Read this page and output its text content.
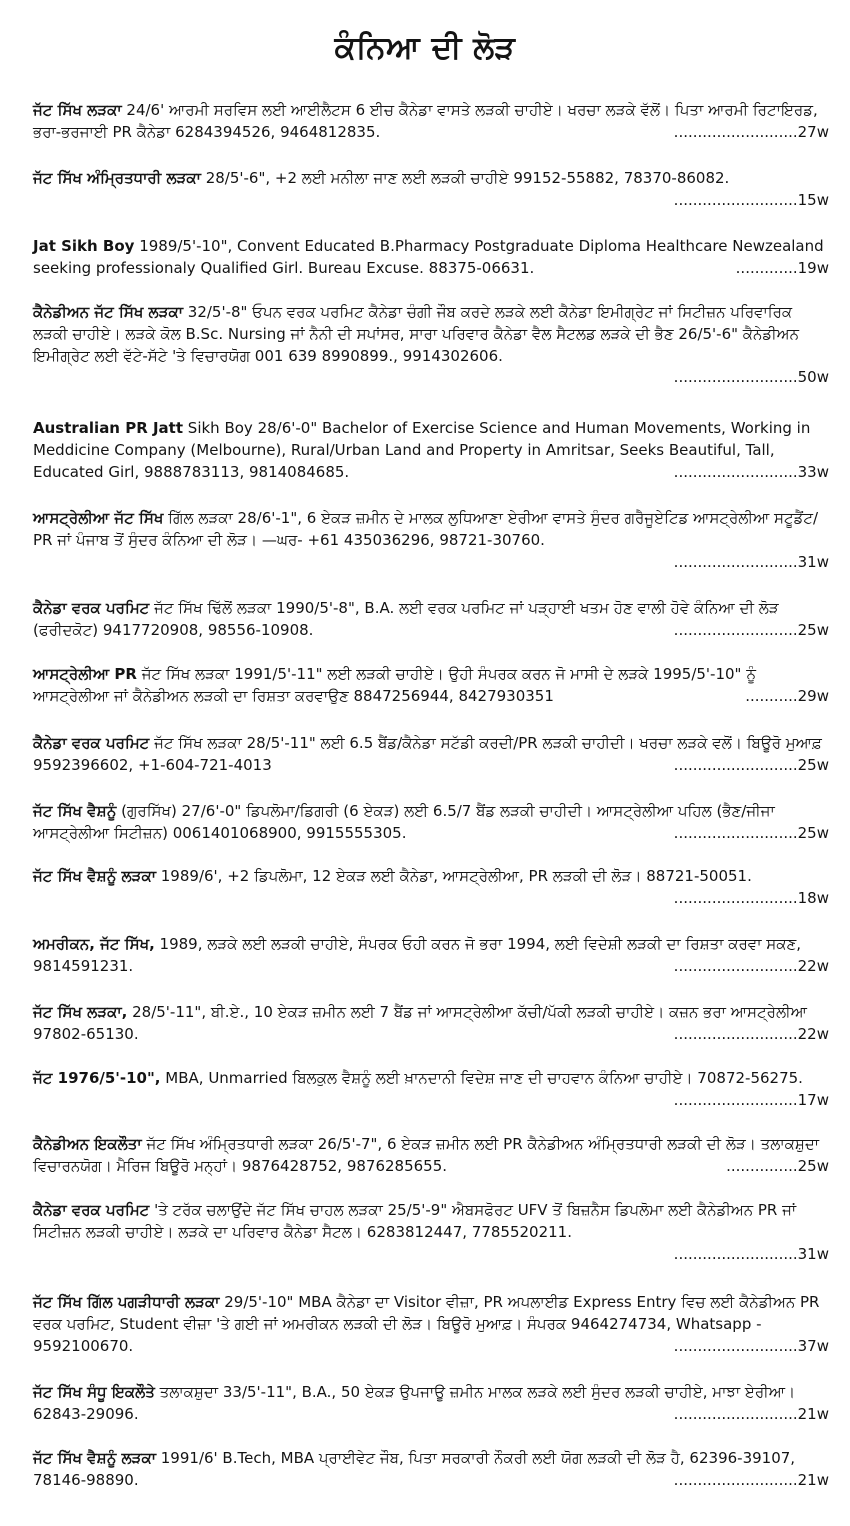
ਕੰਨਿਆ ਦੀ ਲੋੜ

ਜੱਟ ਸਿੱਖ ਲੜਕਾ 24/6' ਆਰਮੀ ਸਰਵਿਸ ਲਈ ਆਈਲੈਟਸ 6 ਈਚ ਕੈਨੇਡਾ ਵਾਸਤੇ ਲੜਕੀ ਚਾਹੀਏ। ਖਰਚਾ ਲੜਕੇ ਵੱਲੋਂ। ਪਿਤਾ ਆਰਮੀ ਰਿਟਾਇਰਡ, ਭਰਾ-ਭਰਜਾਈ PR ਕੈਨੇਡਾ 6284394526, 9464812835.	..........................27w

ਜੱਟ ਸਿੱਖ ਅੰਮ੍ਰਿਤਧਾਰੀ ਲੜਕਾ 28/5'-6", +2 ਲਈ ਮਨੀਲਾ ਜਾਣ ਲਈ ਲੜਕੀ ਚਾਹੀਏ 99152-55882, 78370-86082.
..........................15w

Jat Sikh Boy 1989/5'-10", Convent Educated B.Pharmacy Postgraduate Diploma Healthcare Newzealand seeking professionaly Qualified Girl. Bureau Excuse. 88375-06631.	.............19w

ਕੈਨੇਡੀਅਨ ਜੱਟ ਸਿੱਖ ਲੜਕਾ 32/5'-8" ਓਪਨ ਵਰਕ ਪਰਮਿਟ ਕੈਨੇਡਾ ਚੰਗੀ ਜੌਬ ਕਰਦੇ ਲੜਕੇ ਲਈ ਕੈਨੇਡਾ ਇਮੀਗ੍ਰੇਟ ਜਾਂ ਸਿਟੀਜ਼ਨ ਪਰਿਵਾਰਿਕ ਲੜਕੀ ਚਾਹੀਏ। ਲੜਕੇ ਕੋਲ B.Sc. Nursing ਜਾਂ ਨੈਨੀ ਦੀ ਸਪਾਂਸਰ, ਸਾਰਾ ਪਰਿਵਾਰ ਕੈਨੇਡਾ ਵੈਲ ਸੈਟਲਡ ਲੜਕੇ ਦੀ ਭੈਣ 26/5'-6" ਕੈਨੇਡੀਅਨ ਇਮੀਗ੍ਰੇਟ ਲਈ ਵੱਟੇ-ਸੱਟੇ 'ਤੇ ਵਿਚਾਰਯੋਗ 001 639 8990899., 9914302606.
..........................50w

Australian PR Jatt Sikh Boy 28/6'-0" Bachelor of Exercise Science and Human Movements, Working in Meddicine Company (Melbourne), Rural/Urban Land and Property in Amritsar, Seeks Beautiful, Tall, Educated Girl, 9888783113, 9814084685.	..........................33w

ਆਸਟ੍ਰੇਲੀਆ ਜੱਟ ਸਿੱਖ ਗਿੱਲ ਲੜਕਾ 28/6'-1", 6 ਏਕੜ ਜ਼ਮੀਨ ਦੇ ਮਾਲਕ ਲੁਧਿਆਣਾ ਏਰੀਆ ਵਾਸਤੇ ਸੁੰਦਰ ਗਰੈਜੂਏਟਿਡ ਆਸਟ੍ਰੇਲੀਆ ਸਟੂਡੈਂਟ/ PR ਜਾਂ ਪੰਜਾਬ ਤੋਂ ਸੁੰਦਰ ਕੰਨਿਆ ਦੀ ਲੋੜ। —ਘਰ- +61 435036296, 98721-30760.
..........................31w

ਕੈਨੇਡਾ ਵਰਕ ਪਰਮਿਟ ਜੱਟ ਸਿੱਖ ਢਿੱਲੋਂ ਲੜਕਾ 1990/5'-8", B.A. ਲਈ ਵਰਕ ਪਰਮਿਟ ਜਾਂ ਪੜ੍ਹਾਈ ਖਤਮ ਹੋਣ ਵਾਲੀ ਹੋਵੇ ਕੰਨਿਆ ਦੀ ਲੋੜ (ਫਰੀਦਕੋਟ) 9417720908, 98556-10908.	..........................25w

ਆਸਟ੍ਰੇਲੀਆ PR ਜੱਟ ਸਿੱਖ ਲੜਕਾ 1991/5'-11" ਲਈ ਲੜਕੀ ਚਾਹੀਏ। ਉਹੀ ਸੰਪਰਕ ਕਰਨ ਜੋ ਮਾਸੀ ਦੇ ਲੜਕੇ 1995/5'-10" ਨੂੰ ਆਸਟ੍ਰੇਲੀਆ ਜਾਂ ਕੈਨੇਡੀਅਨ ਲੜਕੀ ਦਾ ਰਿਸ਼ਤਾ ਕਰਵਾਉਣ 8847256944, 8427930351	...........29w

ਕੈਨੇਡਾ ਵਰਕ ਪਰਮਿਟ ਜੱਟ ਸਿੱਖ ਲੜਕਾ 28/5'-11" ਲਈ 6.5 ਬੈਂਡ/ਕੈਨੇਡਾ ਸਟੱਡੀ ਕਰਦੀ/PR ਲੜਕੀ ਚਾਹੀਦੀ। ਖਰਚਾ ਲੜਕੇ ਵਲੋਂ। ਬਿਊਰੋ ਮੁਆਫ਼ 9592396602, +1-604-721-4013	..........................25w

ਜੱਟ ਸਿੱਖ ਵੈਸ਼ਨੂੰ (ਗੁਰਸਿੱਖ) 27/6'-0" ਡਿਪਲੋਮਾ/ਡਿਗਰੀ (6 ਏਕੜ) ਲਈ 6.5/7 ਬੈਂਡ ਲੜਕੀ ਚਾਹੀਦੀ। ਆਸਟ੍ਰੇਲੀਆ ਪਹਿਲ (ਭੈਣ/ਜੀਜਾ ਆਸਟ੍ਰੇਲੀਆ ਸਿਟੀਜ਼ਨ) 0061401068900, 9915555305.	..........................25w

ਜੱਟ ਸਿੱਖ ਵੈਸ਼ਨੂੰ ਲੜਕਾ 1989/6', +2 ਡਿਪਲੋਮਾ, 12 ਏਕੜ ਲਈ ਕੈਨੇਡਾ, ਆਸਟ੍ਰੇਲੀਆ, PR ਲੜਕੀ ਦੀ ਲੋੜ। 88721-50051.
..........................18w

ਅਮਰੀਕਨ, ਜੱਟ ਸਿੱਖ, 1989, ਲੜਕੇ ਲਈ ਲੜਕੀ ਚਾਹੀਏ, ਸੰਪਰਕ ਓਹੀ ਕਰਨ ਜੋ ਭਰਾ 1994, ਲਈ ਵਿਦੇਸ਼ੀ ਲੜਕੀ ਦਾ ਰਿਸ਼ਤਾ ਕਰਵਾ ਸਕਣ, 9814591231.	..........................22w

ਜੱਟ ਸਿੱਖ ਲੜਕਾ, 28/5'-11", ਬੀ.ਏ., 10 ਏਕੜ ਜ਼ਮੀਨ ਲਈ 7 ਬੈਂਡ ਜਾਂ ਆਸਟ੍ਰੇਲੀਆ ਕੱਚੀ/ਪੱਕੀ ਲੜਕੀ ਚਾਹੀਏ। ਕਜ਼ਨ ਭਰਾ ਆਸਟ੍ਰੇਲੀਆ 97802-65130.	..........................22w

ਜੱਟ 1976/5'-10", MBA, Unmarried ਬਿਲਕੁਲ ਵੈਸ਼ਨੂੰ ਲਈ ਖ਼ਾਨਦਾਨੀ ਵਿਦੇਸ਼ ਜਾਣ ਦੀ ਚਾਹਵਾਨ ਕੰਨਿਆ ਚਾਹੀਏ। 70872-56275.
..........................17w

ਕੈਨੇਡੀਅਨ ਇਕਲੌਤਾ ਜੱਟ ਸਿੱਖ ਅੰਮ੍ਰਿਤਧਾਰੀ ਲੜਕਾ 26/5'-7", 6 ਏਕੜ ਜ਼ਮੀਨ ਲਈ PR ਕੈਨੇਡੀਅਨ ਅੰਮ੍ਰਿਤਧਾਰੀ ਲੜਕੀ ਦੀ ਲੋੜ। ਤਲਾਕਸ਼ੁਦਾ ਵਿਚਾਰਨਯੋਗ। ਮੈਰਿਜ ਬਿਊਰੋ ਮਨ੍ਹਾਂ। 9876428752, 9876285655.	...............25w

ਕੈਨੇਡਾ ਵਰਕ ਪਰਮਿਟ 'ਤੇ ਟਰੱਕ ਚਲਾਉਂਦੇ ਜੱਟ ਸਿੱਖ ਚਾਹਲ ਲੜਕਾ 25/5'-9" ਐਬਸਫੋਰਟ UFV ਤੋਂ ਬਿਜ਼ਨੈਸ ਡਿਪਲੋਮਾ ਲਈ ਕੈਨੇਡੀਅਨ PR ਜਾਂ ਸਿਟੀਜ਼ਨ ਲੜਕੀ ਚਾਹੀਏ। ਲੜਕੇ ਦਾ ਪਰਿਵਾਰ ਕੈਨੇਡਾ ਸੈਟਲ। 6283812447, 7785520211.
..........................31w

ਜੱਟ ਸਿੱਖ ਗਿੱਲ ਪਗੜੀਧਾਰੀ ਲੜਕਾ 29/5'-10" MBA ਕੈਨੇਡਾ ਦਾ Visitor ਵੀਜ਼ਾ, PR ਅਪਲਾਈਡ Express Entry ਵਿਚ ਲਈ ਕੈਨੇਡੀਅਨ PR ਵਰਕ ਪਰਮਿਟ, Student ਵੀਜ਼ਾ 'ਤੇ ਗਈ ਜਾਂ ਅਮਰੀਕਨ ਲੜਕੀ ਦੀ ਲੋੜ। ਬਿਊਰੋ ਮੁਆਫ਼। ਸੰਪਰਕ 9464274734, Whatsapp - 9592100670.	..........................37w

ਜੱਟ ਸਿੱਖ ਸੰਧੂ ਇਕਲੌਤੇ ਤਲਾਕਸ਼ੁਦਾ 33/5'-11", B.A., 50 ਏਕੜ ਉਪਜਾਊ ਜ਼ਮੀਨ ਮਾਲਕ ਲੜਕੇ ਲਈ ਸੁੰਦਰ ਲੜਕੀ ਚਾਹੀਏ, ਮਾਝਾ ਏਰੀਆ। 62843-29096.	..........................21w

ਜੱਟ ਸਿੱਖ ਵੈਸ਼ਨੂੰ ਲੜਕਾ 1991/6' B.Tech, MBA ਪ੍ਰਾਈਵੇਟ ਜੌਬ, ਪਿਤਾ ਸਰਕਾਰੀ ਨੌਕਰੀ ਲਈ ਯੋਗ ਲੜਕੀ ਦੀ ਲੋੜ ਹੈ, 62396-39107, 78146-98890.	..........................21w
